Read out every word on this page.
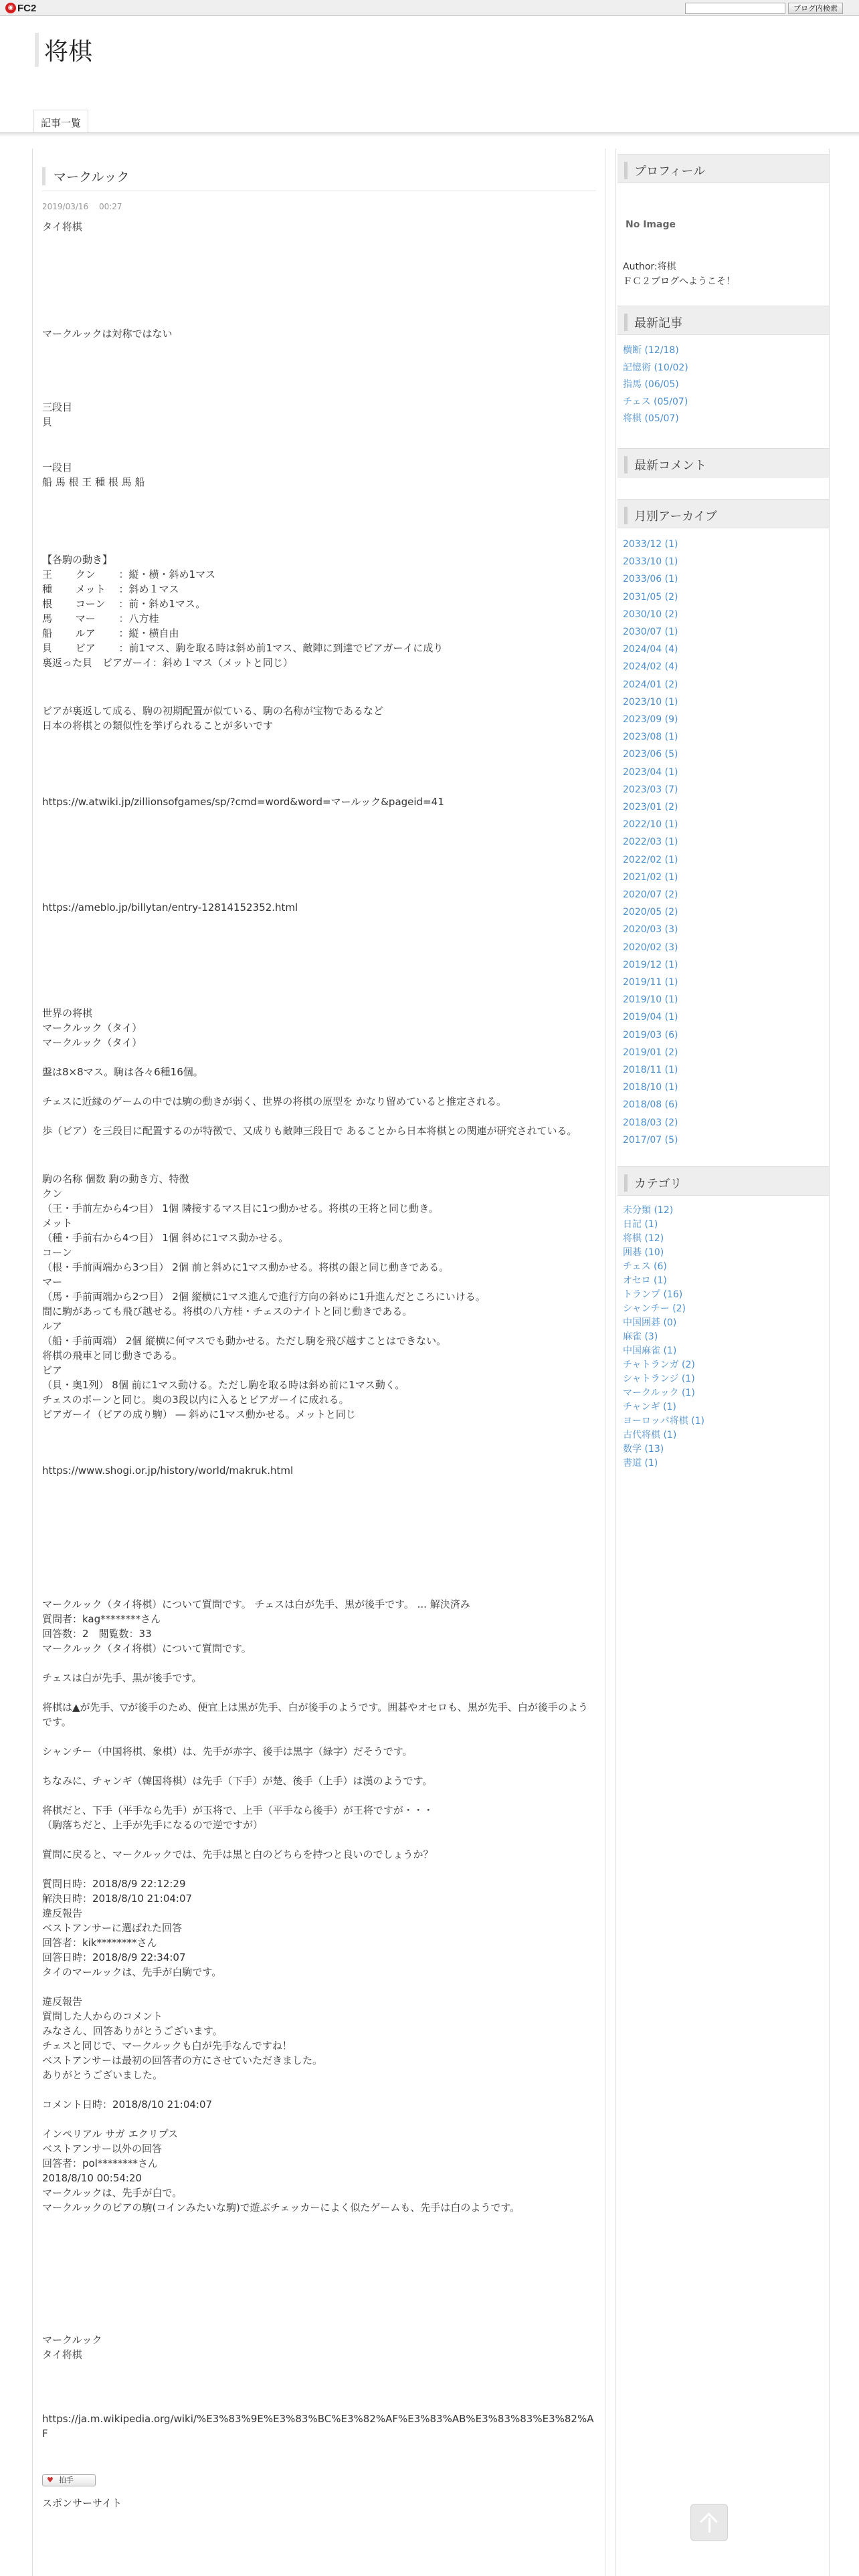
◉ FC2	ブログ内検索
将棋
記事一覧
マークルック
2019/03/16　 00:27
タイ将棋
マークルックは対称ではない
三段目
貝
一段目
船 馬 根 王 種 根 馬 船
【各駒の動き】
王　　 クン　 　：縦・横・斜め1マス
種　　 メット　 ：斜め１マス
根　　 コーン　 ：前・斜め1マス。
馬　　 マー　　 ：八方桂
船　　 ルア　　 ：縦・横自由
貝　　 ビア　　 ：前1マス、駒を取る時は斜め前1マス、敵陣に到達でビアガーイに成り
裏返った貝　ビアガーイ：斜め１マス（メットと同じ）
ビアが裏返して成る、駒の初期配置が似ている、駒の名称が宝物であるなど
日本の将棋との類似性を挙げられることが多いです
https://w.atwiki.jp/zillionsofgames/sp/?cmd=word&word=マールック&pageid=41
https://ameblo.jp/billytan/entry-12814152352.html
世界の将棋
マークルック（タイ）
マークルック（タイ）
盤は8×8マス。駒は各々6種16個。
チェスに近縁のゲームの中では駒の動きが弱く、世界の将棋の原型を かなり留めていると推定される。
歩（ビア）を三段目に配置するのが特徴で、又成りも敵陣三段目で あることから日本将棋との関連が研究されている。
駒の名称 個数 駒の動き方、特徴
クン
（王・手前左から4つ目） 1個 隣接するマス目に1つ動かせる。将棋の王将と同じ動き。
メット
（種・手前右から4つ目） 1個 斜めに1マス動かせる。
コーン
（根・手前両端から3つ目） 2個 前と斜めに1マス動かせる。将棋の銀と同じ動きである。
マー
（馬・手前両端から2つ目） 2個 縦横に1マス進んで進行方向の斜めに1升進んだところにいける。
間に駒があっても飛び越せる。将棋の八方桂・チェスのナイトと同じ動きである。
ルア
（船・手前両端） 2個 縦横に何マスでも動かせる。ただし駒を飛び越すことはできない。
将棋の飛車と同じ動きである。
ビア
（貝・奥1列） 8個 前に1マス動ける。ただし駒を取る時は斜め前に1マス動く。
チェスのポーンと同じ。奥の3段以内に入るとビアガーイに成れる。
ビアガーイ（ビアの成り駒） ― 斜めに1マス動かせる。メットと同じ
https://www.shogi.or.jp/history/world/makruk.html
マークルック（タイ将棋）について質問です。 チェスは白が先手、黒が後手です。 ... 解決済み
質問者：kag********さん
回答数：2　閲覧数：33
マークルック（タイ将棋）について質問です。
チェスは白が先手、黒が後手です。
将棋は▲が先手、▽が後手のため、便宜上は黒が先手、白が後手のようです。囲碁やオセロも、黒が先手、白が後手のようです。
シャンチー（中国将棋、象棋）は、先手が赤字、後手は黒字（緑字）だそうです。
ちなみに、チャンギ（韓国将棋）は先手（下手）が楚、後手（上手）は漢のようです。
将棋だと、下手（平手なら先手）が玉将で、上手（平手なら後手）が王将ですが・・・
（駒落ちだと、上手が先手になるので逆ですが）
質問に戻ると、マークルックでは、先手は黒と白のどちらを持つと良いのでしょうか？
質問日時：2018/8/9 22:12:29
解決日時：2018/8/10 21:04:07
違反報告
ベストアンサーに選ばれた回答
回答者：kik********さん
回答日時：2018/8/9 22:34:07
タイのマールックは、先手が白駒です。
違反報告
質問した人からのコメント
みなさん、回答ありがとうございます。
チェスと同じで、マークルックも白が先手なんですね！
ベストアンサーは最初の回答者の方にさせていただきました。
ありがとうございました。
コメント日時：2018/8/10 21:04:07
インペリアル サガ エクリプス
ベストアンサー以外の回答
回答者：pol********さん
2018/8/10 00:54:20
マークルックは、先手が白で。
マークルックのビアの駒(コインみたいな駒)で遊ぶチェッカーによく似たゲームも、先手は白のようです。
マークルック
タイ将棋
https://ja.m.wikipedia.org/wiki/%E3%83%9E%E3%83%BC%E3%82%AF%E3%83%AB%E3%83%83%E3%82%AF
♥ 拍手
スポンサーサイト
プロフィール
No Image
Author:将棋
ＦＣ２ブログへようこそ！
最新記事
横断 (12/18)
記憶術 (10/02)
指馬 (06/05)
チェス (05/07)
将棋 (05/07)
最新コメント
月別アーカイブ
2033/12 (1)
2033/10 (1)
2033/06 (1)
2031/05 (2)
2030/10 (2)
2030/07 (1)
2024/04 (4)
2024/02 (4)
2024/01 (2)
2023/10 (1)
2023/09 (9)
2023/08 (1)
2023/06 (5)
2023/04 (1)
2023/03 (7)
2023/01 (2)
2022/10 (1)
2022/03 (1)
2022/02 (1)
2021/02 (1)
2020/07 (2)
2020/05 (2)
2020/03 (3)
2020/02 (3)
2019/12 (1)
2019/11 (1)
2019/10 (1)
2019/04 (1)
2019/03 (6)
2019/01 (2)
2018/11 (1)
2018/10 (1)
2018/08 (6)
2018/03 (2)
2017/07 (5)
カテゴリ
未分類 (12)
日記 (1)
将棋 (12)
囲碁 (10)
チェス (6)
オセロ (1)
トランプ (16)
シャンチー (2)
中国囲碁 (0)
麻雀 (3)
中国麻雀 (1)
チャトランガ (2)
シャトランジ (1)
マークルック (1)
チャンギ (1)
ヨーロッパ将棋 (1)
古代将棋 (1)
数学 (13)
書道 (1)
